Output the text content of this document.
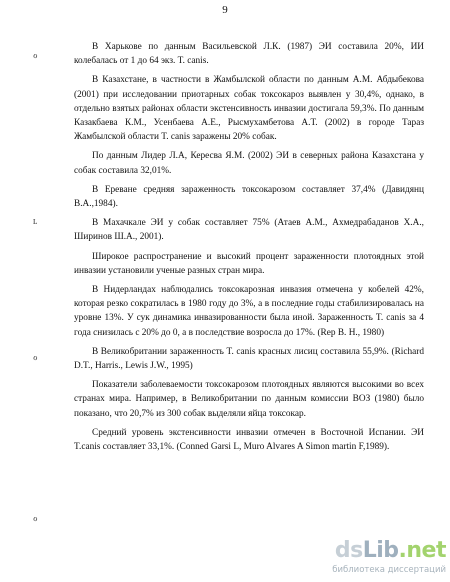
9
ℴ
ʟ
ℴ
ℴ

В Харькове по данным Васильевской Л.К. (1987) ЭИ составила 20%, ИИ колебалась от 1 до 64 экз. T. canis.

В Казахстане, в частности в Жамбылской области по данным А.М. Абдыбекова (2001) при исследовании приотарных собак токсокароз выявлен у 30,4%, однако, в отдельно взятых районах области экстенсивность инвазии достигала 59,3%. По данным Казакбаева К.М., Усенбаева А.Е., Рысмухамбетова А.Т. (2002) в городе Тараз Жамбылской области T. canis заражены 20% собак.

По данным Лидер Л.А, Кересва Я.М. (2002) ЭИ в северных района Казахстана у собак составила 32,01%.

В Ереване средняя зараженность токсокарозом составляет 37,4% (Давидянц В.А.,1984).

В Махачкале ЭИ у собак составляет 75% (Атаев А.М., Ахмедрабаданов Х.А., Ширинов Ш.А., 2001).

Широкое распространение и высокий процент зараженности плотоядных этой инвазии установили ученые разных стран мира.

В Нидерландах наблюдались токсокарозная инвазия отмечена у кобелей 42%, которая резко сократилась в 1980 году до 3%, а в последние годы стабилизировалась на уровне 13%. У сук динамика инвазированности была иной. Зараженность T. canis за 4 года снизилась с 20% до 0, а в последствие возросла до 17%. (Rep B. H., 1980)

В Великобритании зараженность T. canis красных лисиц составила 55,9%. (Richard D.T., Harris., Lewis J.W., 1995)

Показатели заболеваемости токсокарозом плотоядных являются высокими во всех странах мира. Например, в Великобритании по данным комиссии ВОЗ (1980) было показано, что 20,7% из 300 собак выделяли яйца токсокар.

Средний уровень экстенсивности инвазии отмечен в Восточной Испании. ЭИ T.canis составляет 33,1%. (Conned Garsi L, Muro Alvares A Simon martin F,1989).

dsLib.net
библиотека диссертаций
